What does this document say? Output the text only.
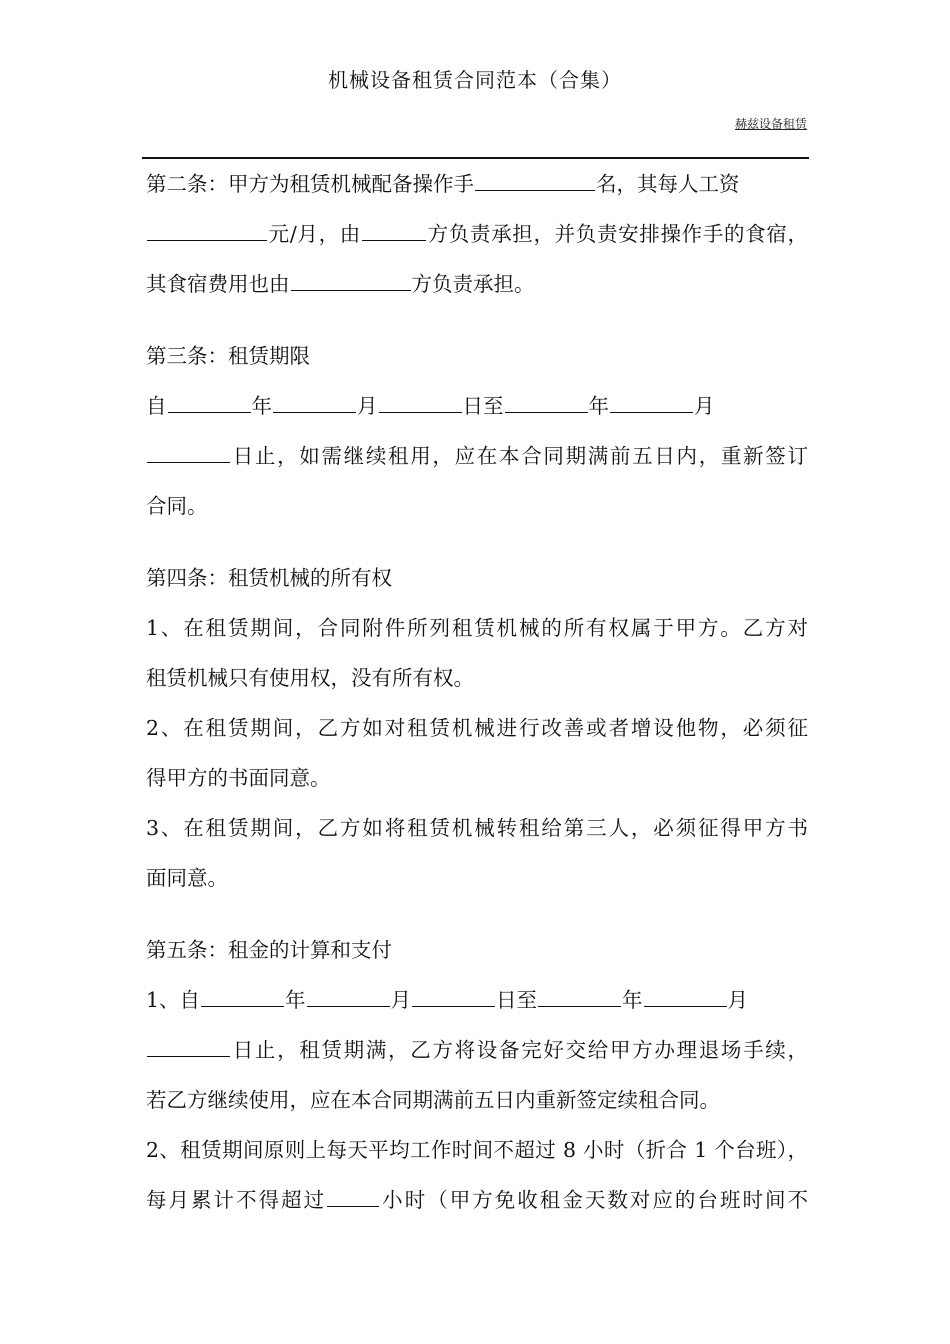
机械设备租赁合同范本（合集）
赫兹设备租赁
第二条：甲方为租赁机械配备操作手	名，其每人工资
元/月，由	方负责承担，并负责安排操作手的食宿，
其食宿费用也由	方负责承担。
第三条：租赁期限
自	年	月	日至	年	月
日止，如需继续租用，应在本合同期满前五日内，重新签订
合同。
第四条：租赁机械的所有权
1、在租赁期间，合同附件所列租赁机械的所有权属于甲方。乙方对
租赁机械只有使用权，没有所有权。
2、在租赁期间，乙方如对租赁机械进行改善或者增设他物，必须征
得甲方的书面同意。
3、在租赁期间，乙方如将租赁机械转租给第三人，必须征得甲方书
面同意。
第五条：租金的计算和支付
1、自	年	月	日至	年	月
日止，租赁期满，乙方将设备完好交给甲方办理退场手续，
若乙方继续使用，应在本合同期满前五日内重新签定续租合同。
2、租赁期间原则上每天平均工作时间不超过 8 小时（折合 1 个台班），
每月累计不得超过	小时（甲方免收租金天数对应的台班时间不
